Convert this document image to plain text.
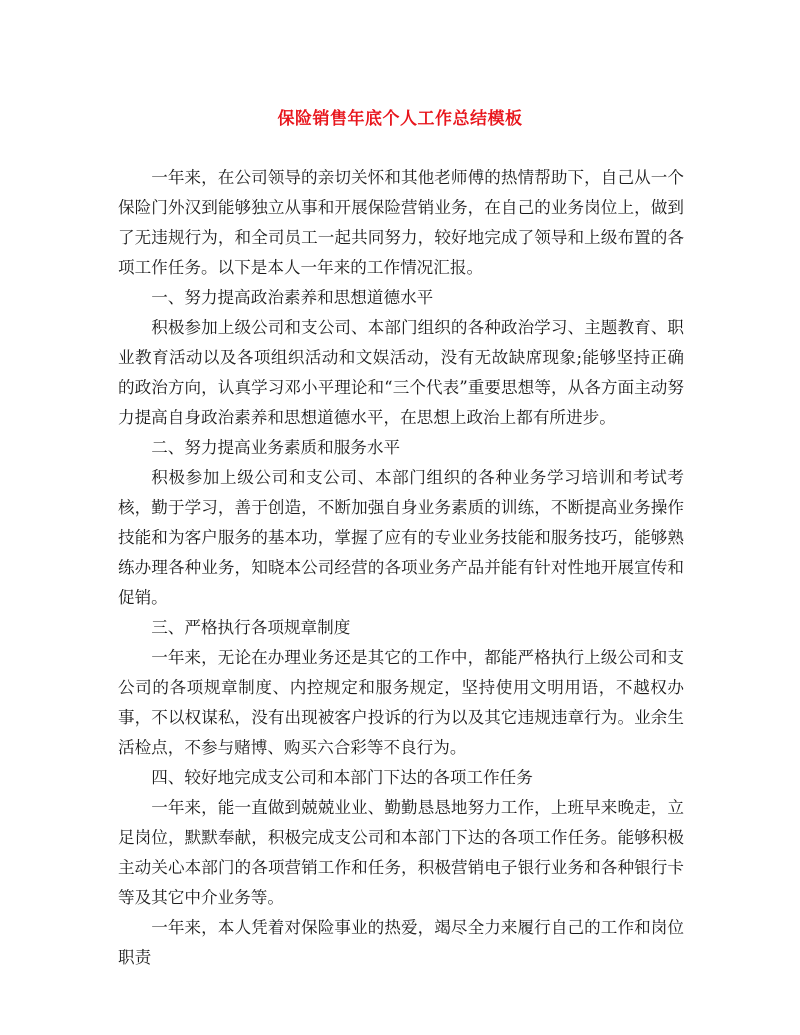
保险销售年底个人工作总结模板

一年来，在公司领导的亲切关怀和其他老师傅的热情帮助下，自己从一个保险门外汉到能够独立从事和开展保险营销业务，在自己的业务岗位上，做到了无违规行为，和全司员工一起共同努力，较好地完成了领导和上级布置的各项工作任务。以下是本人一年来的工作情况汇报。

一、努力提高政治素养和思想道德水平

积极参加上级公司和支公司、本部门组织的各种政治学习、主题教育、职业教育活动以及各项组织活动和文娱活动，没有无故缺席现象;能够坚持正确的政治方向，认真学习邓小平理论和“三个代表”重要思想等，从各方面主动努力提高自身政治素养和思想道德水平，在思想上政治上都有所进步。

二、努力提高业务素质和服务水平

积极参加上级公司和支公司、本部门组织的各种业务学习培训和考试考核，勤于学习，善于创造，不断加强自身业务素质的训练，不断提高业务操作技能和为客户服务的基本功，掌握了应有的专业业务技能和服务技巧，能够熟练办理各种业务，知晓本公司经营的各项业务产品并能有针对性地开展宣传和促销。

三、严格执行各项规章制度

一年来，无论在办理业务还是其它的工作中，都能严格执行上级公司和支公司的各项规章制度、内控规定和服务规定，坚持使用文明用语，不越权办事，不以权谋私，没有出现被客户投诉的行为以及其它违规违章行为。业余生活检点，不参与赌博、购买六合彩等不良行为。

四、较好地完成支公司和本部门下达的各项工作任务

一年来，能一直做到兢兢业业、勤勤恳恳地努力工作，上班早来晚走，立足岗位，默默奉献，积极完成支公司和本部门下达的各项工作任务。能够积极主动关心本部门的各项营销工作和任务，积极营销电子银行业务和各种银行卡等及其它中介业务等。

一年来，本人凭着对保险事业的热爱，竭尽全力来履行自己的工作和岗位职责
